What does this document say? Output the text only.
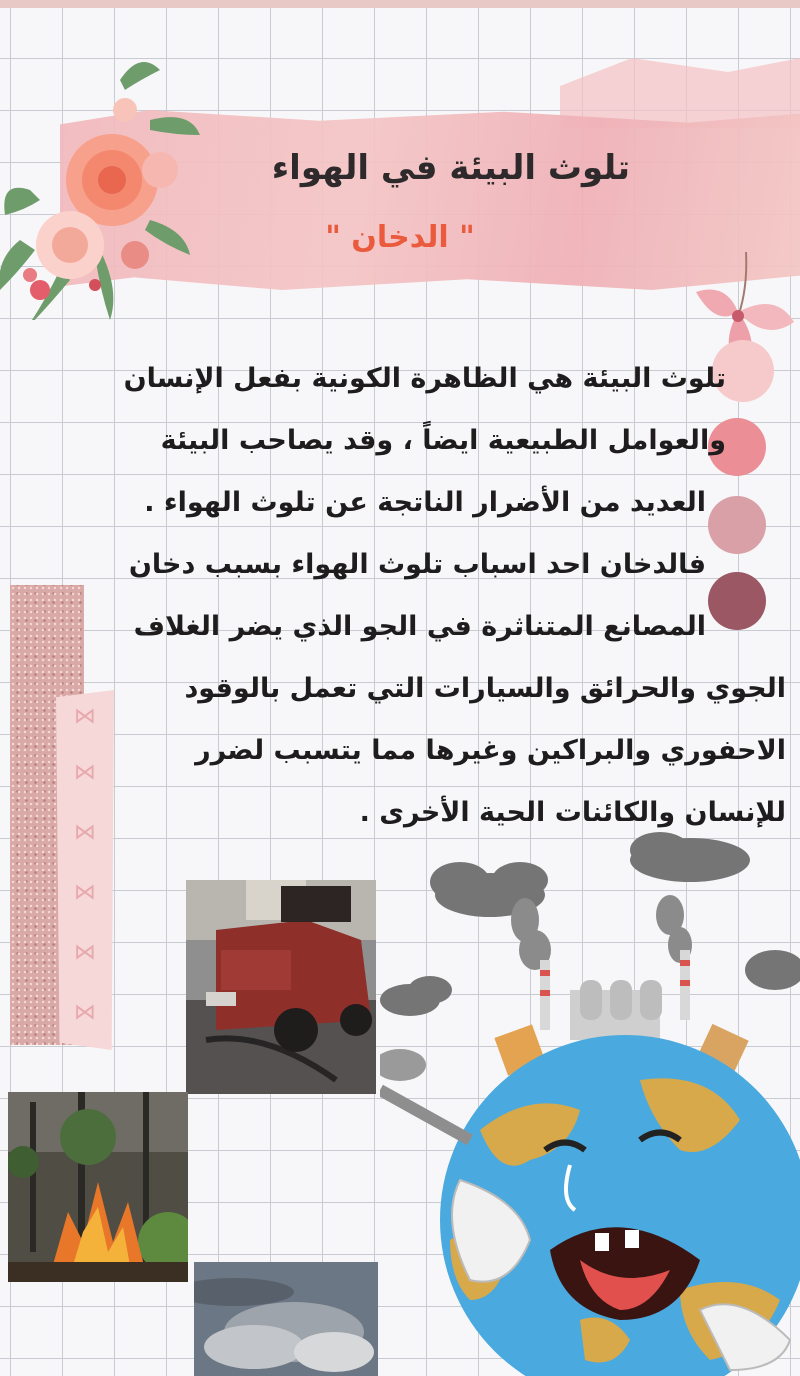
تلوث البيئة في الهواء
" الدخان "
تلوث البيئة هي الظاهرة الكونية بفعل الإنسان
والعوامل الطبيعية ايضاً ، وقد يصاحب البيئة
العديد من الأضرار الناتجة عن تلوث الهواء .
فالدخان احد اسباب تلوث الهواء بسبب دخان
المصانع المتناثرة في الجو الذي يضر الغلاف
الجوي والحرائق والسيارات التي تعمل بالوقود
الاحفوري والبراكين وغيرها مما يتسبب لضرر
للإنسان والكائنات الحية الأخرى .
⋈
⋈
⋈
⋈
⋈
⋈
